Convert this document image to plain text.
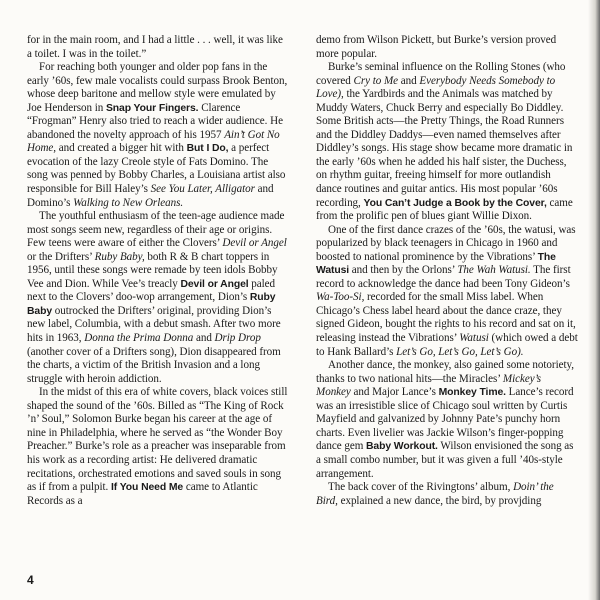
for in the main room, and I had a little . . . well, it was like a toilet. I was in the toilet.”

For reaching both younger and older pop fans in the early ’60s, few male vocalists could surpass Brook Benton, whose deep baritone and mellow style were emulated by Joe Henderson in Snap Your Fingers. Clarence “Frogman” Henry also tried to reach a wider audience. He abandoned the novelty approach of his 1957 Ain’t Got No Home, and created a bigger hit with But I Do, a perfect evocation of the lazy Creole style of Fats Domino. The song was penned by Bobby Charles, a Louisiana artist also responsible for Bill Haley’s See You Later, Alligator and Domino’s Walking to New Orleans.

The youthful enthusiasm of the teen-age audience made most songs seem new, regardless of their age or origins. Few teens were aware of either the Clovers’ Devil or Angel or the Drifters’ Ruby Baby, both R & B chart toppers in 1956, until these songs were remade by teen idols Bobby Vee and Dion. While Vee’s treacly Devil or Angel paled next to the Clovers’ doo-wop arrangement, Dion’s Ruby Baby outrocked the Drifters’ original, providing Dion’s new label, Columbia, with a debut smash. After two more hits in 1963, Donna the Prima Donna and Drip Drop (another cover of a Drifters song), Dion disappeared from the charts, a victim of the British Invasion and a long struggle with heroin addiction.

In the midst of this era of white covers, black voices still shaped the sound of the ’60s. Billed as “The King of Rock ’n’ Soul,” Solomon Burke began his career at the age of nine in Philadelphia, where he served as “the Wonder Boy Preacher.” Burke’s role as a preacher was inseparable from his work as a recording artist: He delivered dramatic recitations, orchestrated emotions and saved souls in song as if from a pulpit. If You Need Me came to Atlantic Records as a

demo from Wilson Pickett, but Burke’s version proved more popular.

Burke’s seminal influence on the Rolling Stones (who covered Cry to Me and Everybody Needs Somebody to Love), the Yardbirds and the Animals was matched by Muddy Waters, Chuck Berry and especially Bo Diddley. Some British acts—the Pretty Things, the Road Runners and the Diddley Daddys—even named themselves after Diddley’s songs. His stage show became more dramatic in the early ’60s when he added his half sister, the Duchess, on rhythm guitar, freeing himself for more outlandish dance routines and guitar antics. His most popular ’60s recording, You Can’t Judge a Book by the Cover, came from the prolific pen of blues giant Willie Dixon.

One of the first dance crazes of the ’60s, the watusi, was popularized by black teenagers in Chicago in 1960 and boosted to national prominence by the Vibrations’ The Watusi and then by the Orlons’ The Wah Watusi. The first record to acknowledge the dance had been Tony Gideon’s Wa-Too-Si, recorded for the small Miss label. When Chicago’s Chess label heard about the dance craze, they signed Gideon, bought the rights to his record and sat on it, releasing instead the Vibrations’ Watusi (which owed a debt to Hank Ballard’s Let’s Go, Let’s Go, Let’s Go).

Another dance, the monkey, also gained some notoriety, thanks to two national hits—the Miracles’ Mickey’s Monkey and Major Lance’s Monkey Time. Lance’s record was an irresistible slice of Chicago soul written by Curtis Mayfield and galvanized by Johnny Pate’s punchy horn charts. Even livelier was Jackie Wilson’s finger-popping dance gem Baby Workout. Wilson envisioned the song as a small combo number, but it was given a full ’40s-style arrangement.

The back cover of the Rivingtons’ album, Doin’ the Bird, explained a new dance, the bird, by provjding

4
